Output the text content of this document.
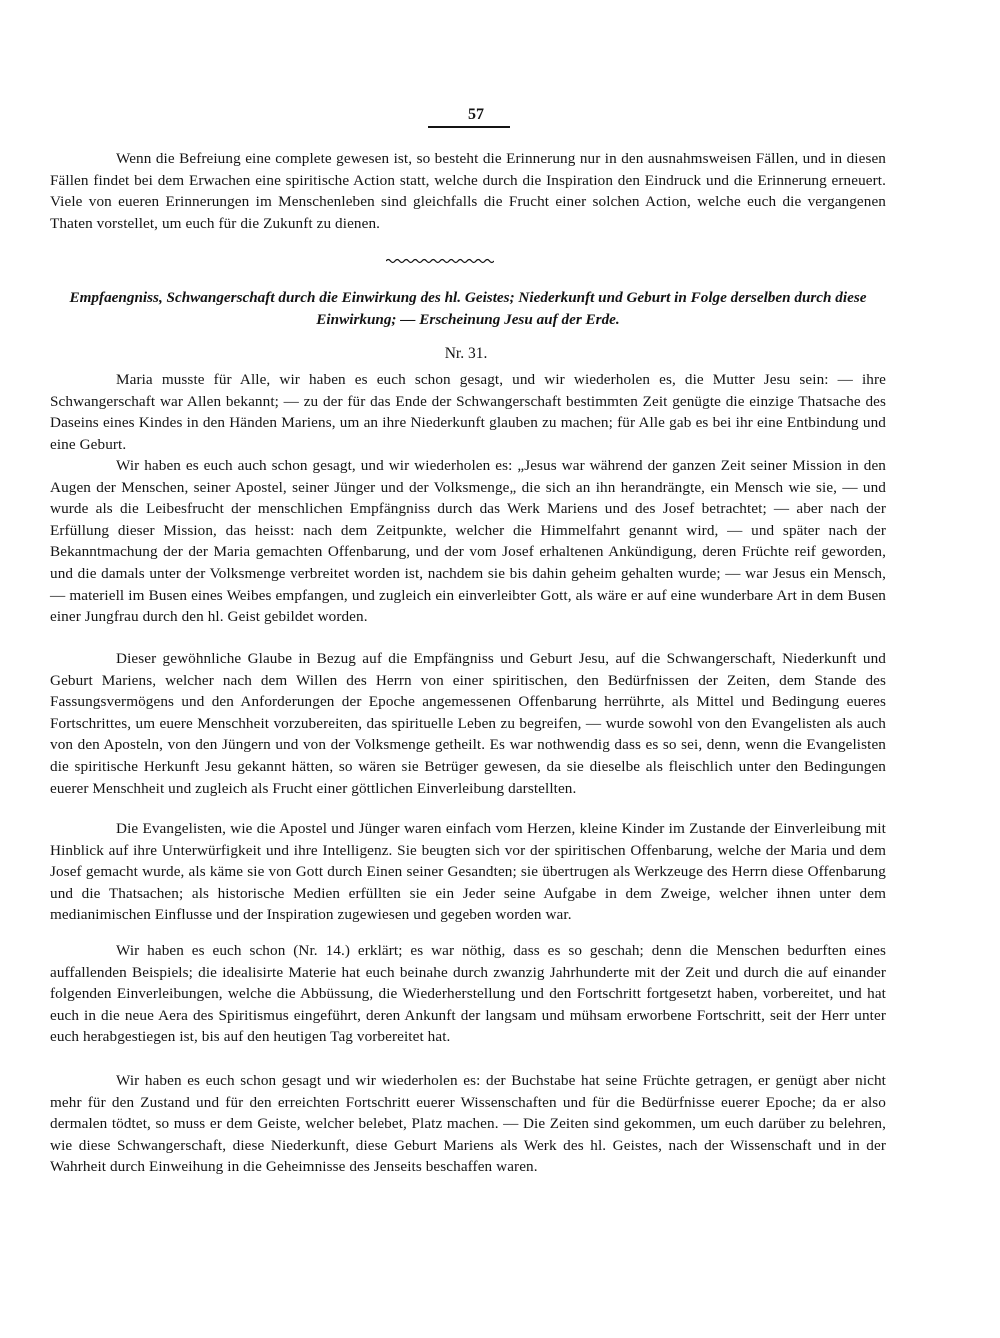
57

Wenn die Befreiung eine complete gewesen ist, so besteht die Erinnerung nur in den ausnahmsweisen Fällen, und in diesen Fällen findet bei dem Erwachen eine spiritische Action statt, welche durch die Inspiration den Eindruck und die Erinnerung erneuert. Viele von eueren Erinnerungen im Menschenleben sind gleichfalls die Frucht einer solchen Action, welche euch die vergangenen Thaten vorstellet, um euch für die Zukunft zu dienen.

Empfaengniss, Schwangerschaft durch die Einwirkung des hl. Geistes; Niederkunft und Geburt in Folge derselben durch diese Einwirkung; — Erscheinung Jesu auf der Erde.

Nr. 31.

Maria musste für Alle, wir haben es euch schon gesagt, und wir wiederholen es, die Mutter Jesu sein: — ihre Schwangerschaft war Allen bekannt; — zu der für das Ende der Schwangerschaft bestimmten Zeit genügte die einzige Thatsache des Daseins eines Kindes in den Händen Mariens, um an ihre Niederkunft glauben zu machen; für Alle gab es bei ihr eine Entbindung und eine Geburt.

Wir haben es euch auch schon gesagt, und wir wiederholen es: „Jesus war während der ganzen Zeit seiner Mission in den Augen der Menschen, seiner Apostel, seiner Jünger und der Volksmenge„ die sich an ihn herandrängte, ein Mensch wie sie, — und wurde als die Leibesfrucht der menschlichen Empfängniss durch das Werk Mariens und des Josef betrachtet; — aber nach der Erfüllung dieser Mission, das heisst: nach dem Zeitpunkte, welcher die Himmelfahrt genannt wird, — und später nach der Bekanntmachung der der Maria gemachten Offenbarung, und der vom Josef erhaltenen Ankündigung, deren Früchte reif geworden, und die damals unter der Volksmenge verbreitet worden ist, nachdem sie bis dahin geheim gehalten wurde; — war Jesus ein Mensch, — materiell im Busen eines Weibes empfangen, und zugleich ein einverleibter Gott, als wäre er auf eine wunderbare Art in dem Busen einer Jungfrau durch den hl. Geist gebildet worden.

Dieser gewöhnliche Glaube in Bezug auf die Empfängniss und Geburt Jesu, auf die Schwangerschaft, Niederkunft und Geburt Mariens, welcher nach dem Willen des Herrn von einer spiritischen, den Bedürfnissen der Zeiten, dem Stande des Fassungsvermögens und den Anforderungen der Epoche angemessenen Offenbarung herrührte, als Mittel und Bedingung eueres Fortschrittes, um euere Menschheit vorzubereiten, das spirituelle Leben zu begreifen, — wurde sowohl von den Evangelisten als auch von den Aposteln, von den Jüngern und von der Volksmenge getheilt. Es war nothwendig dass es so sei, denn, wenn die Evangelisten die spiritische Herkunft Jesu gekannt hätten, so wären sie Betrüger gewesen, da sie dieselbe als fleischlich unter den Bedingungen euerer Menschheit und zugleich als Frucht einer göttlichen Einverleibung darstellten.

Die Evangelisten, wie die Apostel und Jünger waren einfach vom Herzen, kleine Kinder im Zustande der Einverleibung mit Hinblick auf ihre Unterwürfigkeit und ihre Intelligenz. Sie beugten sich vor der spiritischen Offenbarung, welche der Maria und dem Josef gemacht wurde, als käme sie von Gott durch Einen seiner Gesandten; sie übertrugen als Werkzeuge des Herrn diese Offenbarung und die Thatsachen; als historische Medien erfüllten sie ein Jeder seine Aufgabe in dem Zweige, welcher ihnen unter dem medianimischen Einflusse und der Inspiration zugewiesen und gegeben worden war.

Wir haben es euch schon (Nr. 14.) erklärt; es war nöthig, dass es so geschah; denn die Menschen bedurften eines auffallenden Beispiels; die idealisirte Materie hat euch beinahe durch zwanzig Jahrhunderte mit der Zeit und durch die auf einander folgenden Einverleibungen, welche die Abbüssung, die Wiederherstellung und den Fortschritt fortgesetzt haben, vorbereitet, und hat euch in die neue Aera des Spiritismus eingeführt, deren Ankunft der langsam und mühsam erworbene Fortschritt, seit der Herr unter euch herabgestiegen ist, bis auf den heutigen Tag vorbereitet hat.

Wir haben es euch schon gesagt und wir wiederholen es: der Buchstabe hat seine Früchte getragen, er genügt aber nicht mehr für den Zustand und für den erreichten Fortschritt euerer Wissenschaften und für die Bedürfnisse euerer Epoche; da er also dermalen tödtet, so muss er dem Geiste, welcher belebet, Platz machen. — Die Zeiten sind gekommen, um euch darüber zu belehren, wie diese Schwangerschaft, diese Niederkunft, diese Geburt Mariens als Werk des hl. Geistes, nach der Wissenschaft und in der Wahrheit durch Einweihung in die Geheimnisse des Jenseits beschaffen waren.
